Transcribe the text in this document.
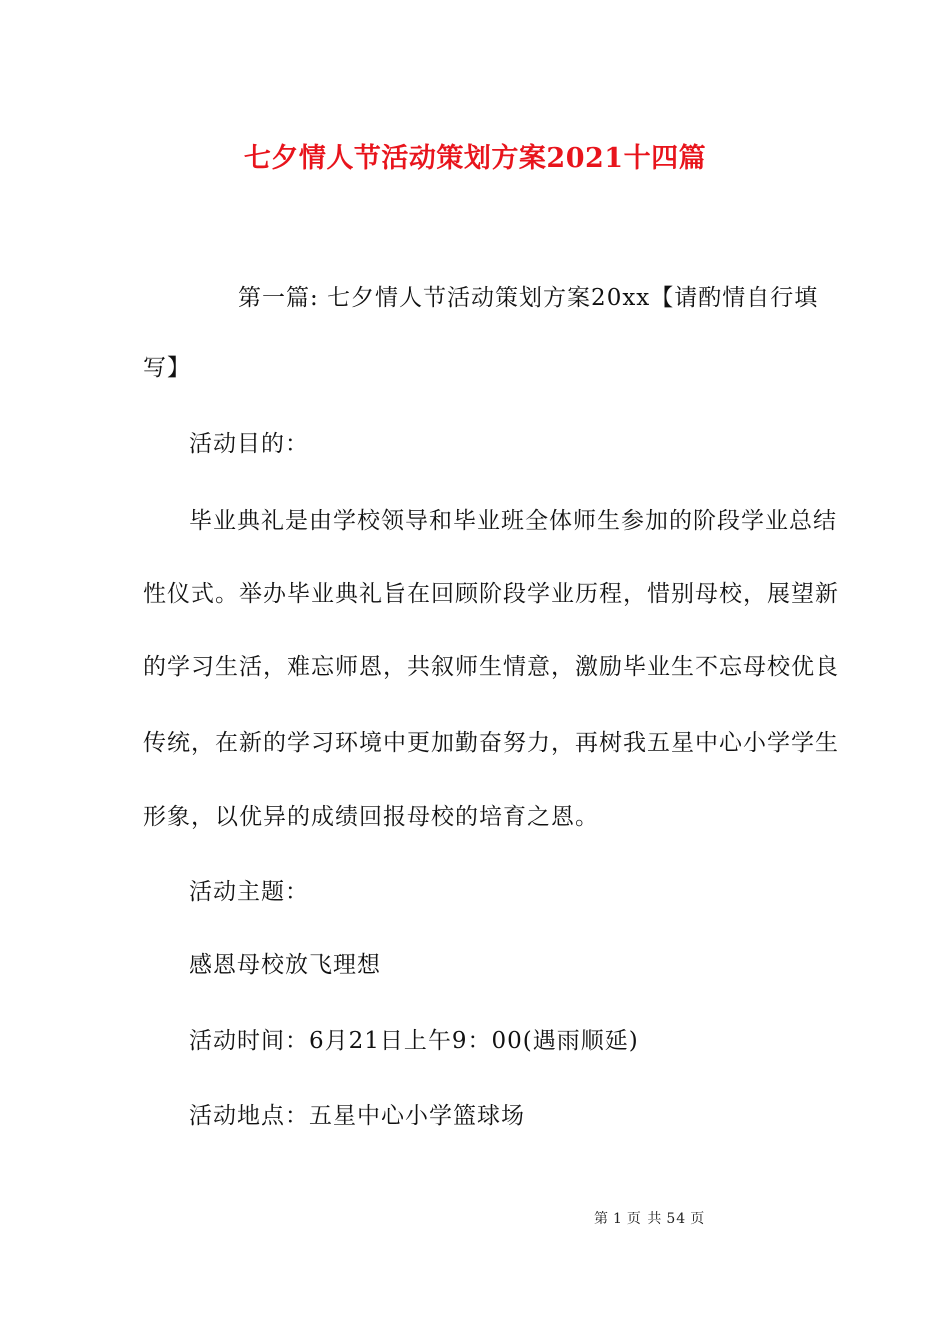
七夕情人节活动策划方案2021十四篇
第一篇: 七夕情人节活动策划方案20xx【请酌情自行填
写】
活动目的：
毕业典礼是由学校领导和毕业班全体师生参加的阶段学业总结
性仪式。举办毕业典礼旨在回顾阶段学业历程，惜别母校，展望新
的学习生活，难忘师恩，共叙师生情意，激励毕业生不忘母校优良
传统，在新的学习环境中更加勤奋努力，再树我五星中心小学学生
形象，以优异的成绩回报母校的培育之恩。
活动主题：
感恩母校放飞理想
活动时间：6月21日上午9：00(遇雨顺延)
活动地点：五星中心小学篮球场
第 1 页 共 54 页
